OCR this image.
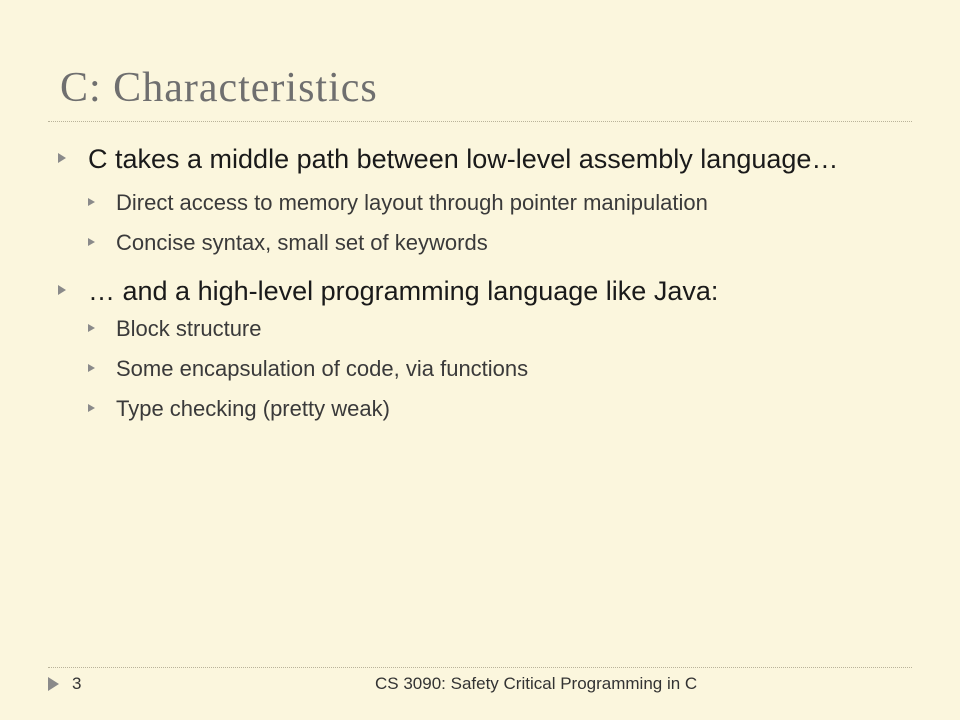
C: Characteristics
C takes a middle path between low-level assembly language…
Direct access to memory layout through pointer manipulation
Concise syntax, small set of keywords
… and a high-level programming language like Java:
Block structure
Some encapsulation of code, via functions
Type checking (pretty weak)
3	CS 3090: Safety Critical Programming in C
